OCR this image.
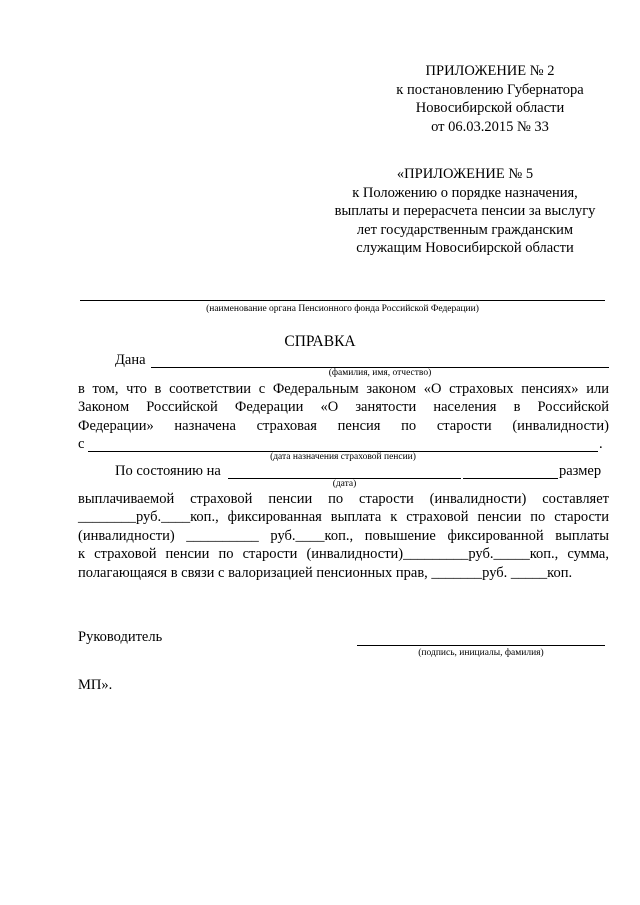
ПРИЛОЖЕНИЕ № 2
к постановлению Губернатора
Новосибирской области
от 06.03.2015 № 33
«ПРИЛОЖЕНИЕ № 5
к Положению о порядке назначения,
выплаты и перерасчета пенсии за выслугу
лет государственным гражданским
служащим Новосибирской области
(наименование органа Пенсионного фонда Российской Федерации)
СПРАВКА
Дана
(фамилия, имя, отчество)
в том, что в соответствии с Федеральным законом «О страховых пенсиях» или
Законом Российской Федерации «О занятости населения в Российской
Федерации» назначена страховая пенсия по старости (инвалидности)
с	.
(дата назначения страховой пенсии)
По состоянию на	размер
(дата)
выплачиваемой страховой пенсии по старости (инвалидности) составляет
________руб.____коп., фиксированная выплата к страховой пенсии по старости
(инвалидности) __________ руб.____коп., повышение фиксированной выплаты
к страховой пенсии по старости (инвалидности)_________руб._____коп., сумма,
полагающаяся в связи с валоризацией пенсионных прав, _______руб. _____коп.
Руководитель
(подпись, инициалы, фамилия)
МП».
